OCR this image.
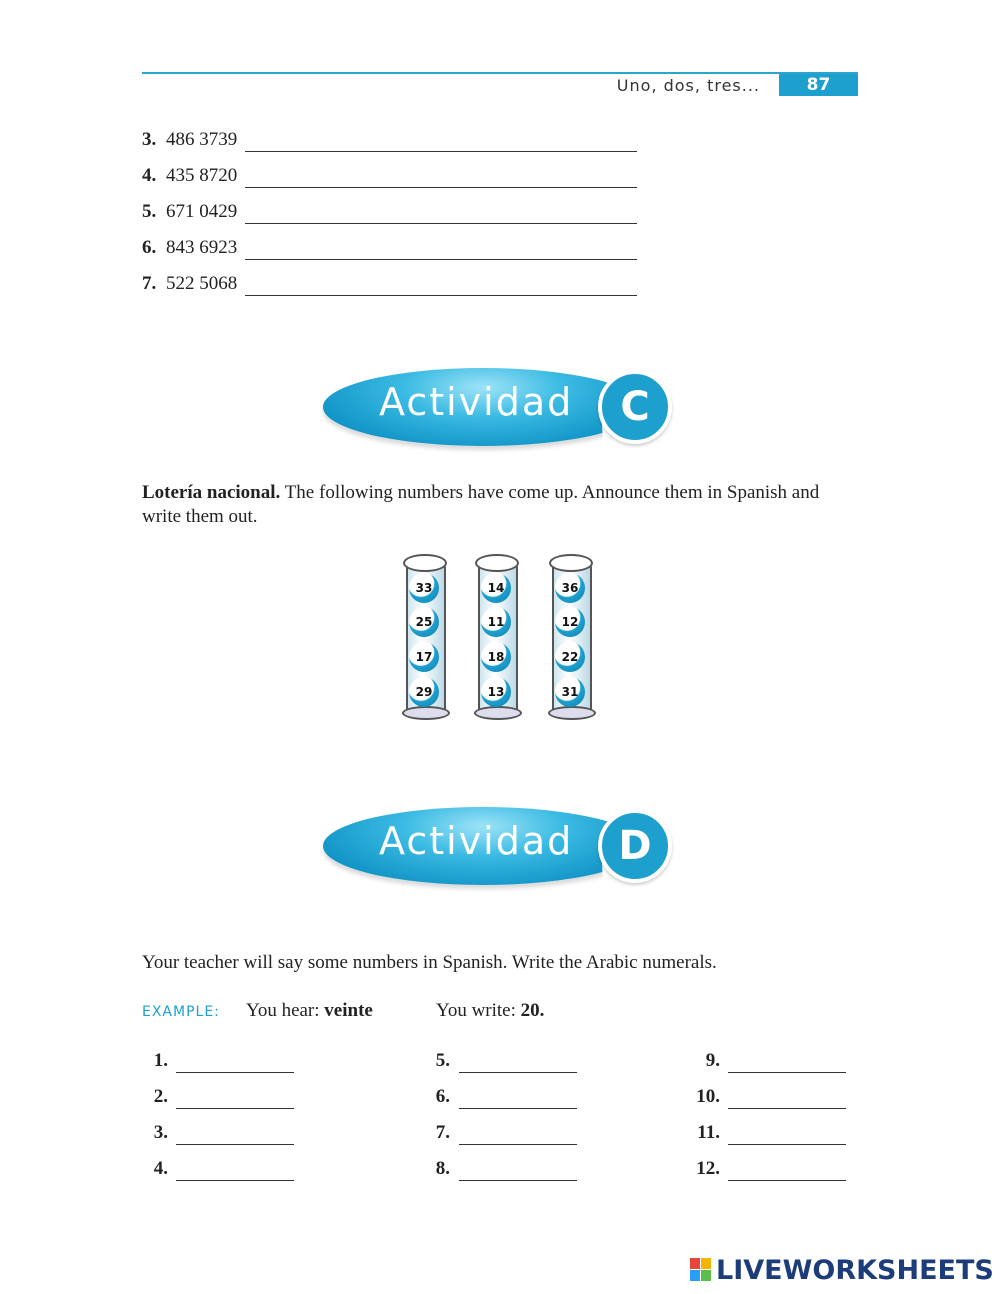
Uno, dos, tres...	87
3. 486 3739
4. 435 8720
5. 671 0429
6. 843 6923
7. 522 5068
Actividad	C
Lotería nacional. The following numbers have come up. Announce them in Spanish and write them out.
33
25
17
29
14
11
18
13
36
12
22
31
Actividad	D
Your teacher will say some numbers in Spanish. Write the Arabic numerals.
EXAMPLE: You hear: veinte	You write: 20.
1.
2.
3.
4.
5.
6.
7.
8.
9.
10.
11.
12.
LIVEWORKSHEETS
